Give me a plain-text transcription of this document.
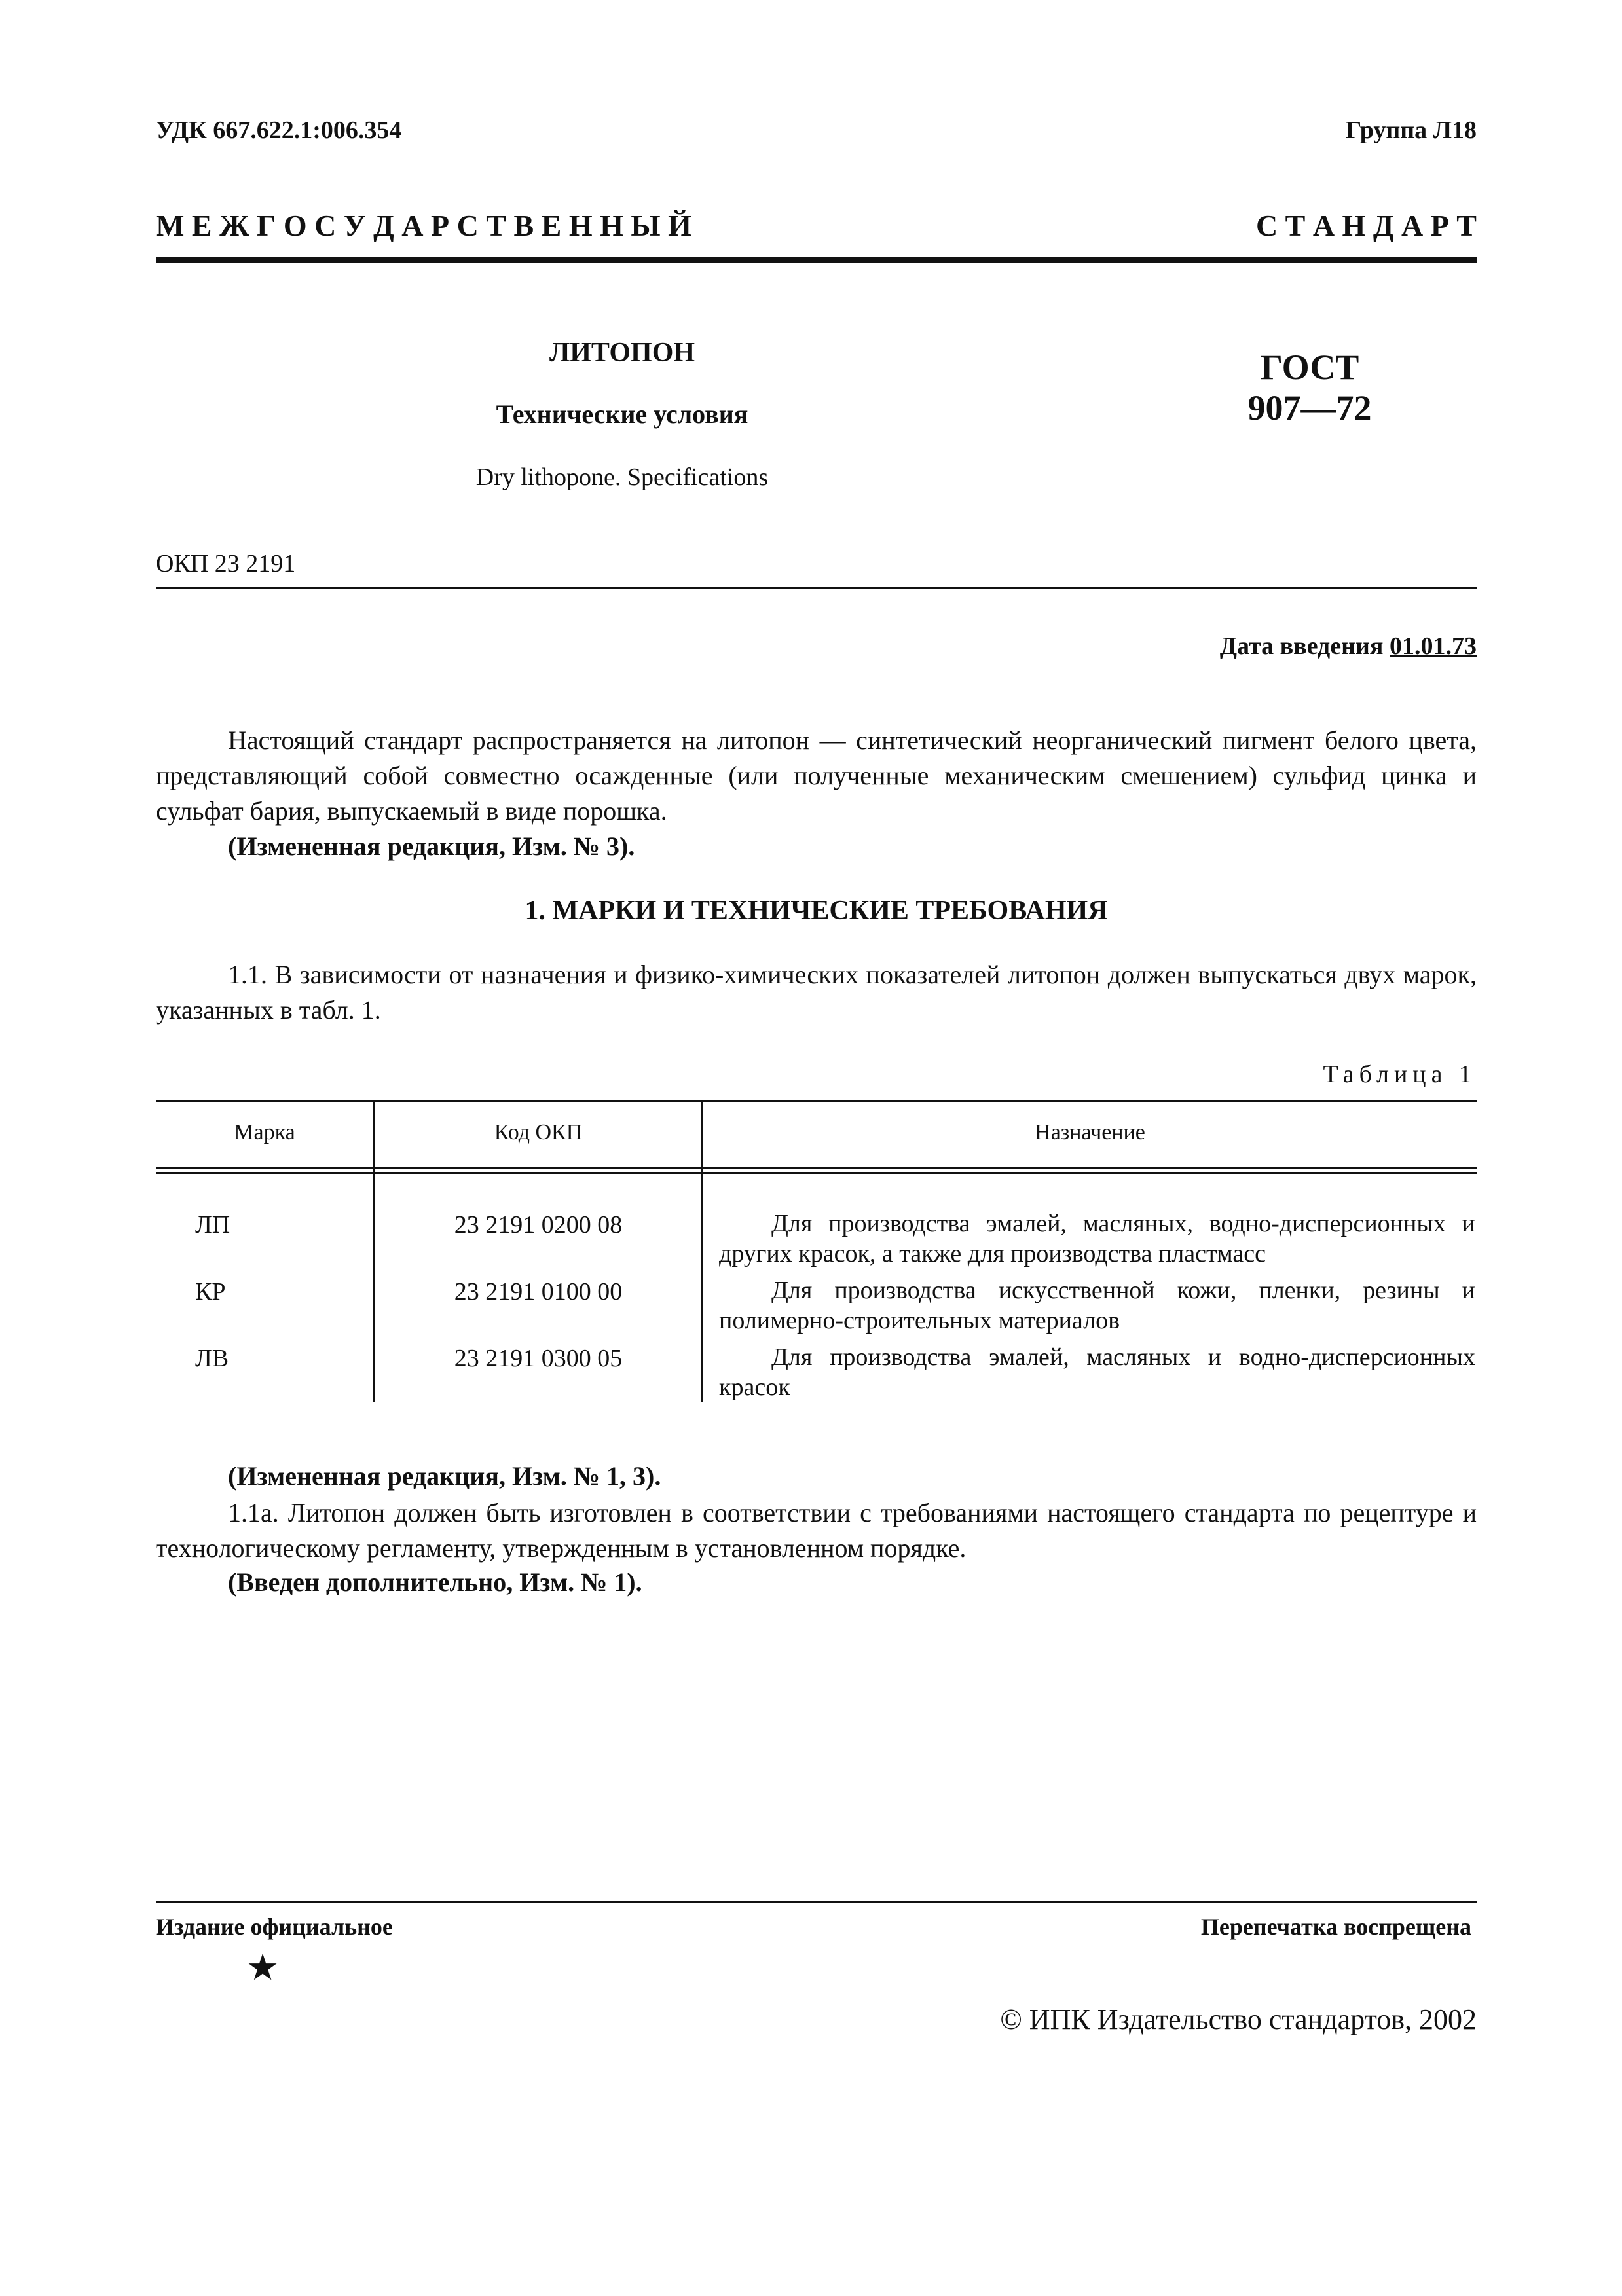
УДК 667.622.1:006.354	Группа Л18
М Е Ж Г О С У Д А Р С Т В Е Н Н Ы Й	С Т А Н Д А Р Т
ЛИТОПОН
Технические условия
Dry lithopone. Specifications
ГОСТ
907—72
ОКП 23 2191
Дата введения 01.01.73
Настоящий стандарт распространяется на литопон — синтетический неорганический пигмент белого цвета, представляющий собой совместно осажденные (или полученные механическим смешением) сульфид цинка и сульфат бария, выпускаемый в виде порошка.
(Измененная редакция, Изм. № 3).
1. МАРКИ И ТЕХНИЧЕСКИЕ ТРЕБОВАНИЯ
1.1. В зависимости от назначения и физико-химических показателей литопон должен выпускаться двух марок, указанных в табл. 1.
Таблица 1
Марка	Код ОКП	Назначение
ЛП	23 2191 0200 08	Для производства эмалей, масляных, водно-дисперсионных и других красок, а также для производства пластмасс
КР	23 2191 0100 00	Для производства искусственной кожи, пленки, резины и полимерно-строительных материалов
ЛВ	23 2191 0300 05	Для производства эмалей, масляных и водно-дисперсионных красок
(Измененная редакция, Изм. № 1, 3).
1.1а. Литопон должен быть изготовлен в соответствии с требованиями настоящего стандарта по рецептуре и технологическому регламенту, утвержденным в установленном порядке.
(Введен дополнительно, Изм. № 1).
Издание официальное	Перепечатка воспрещена
★
© ИПК Издательство стандартов, 2002
